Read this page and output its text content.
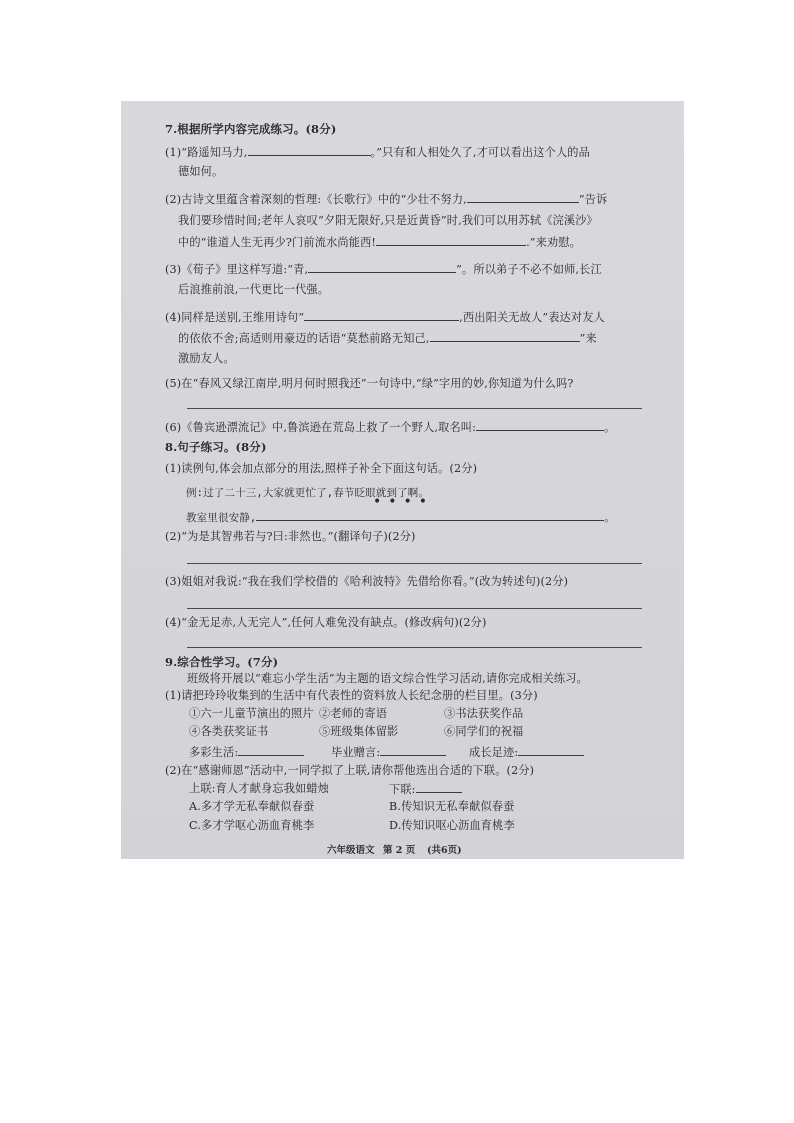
7.根据所学内容完成练习。(8分)
(1)“路遥知马力,	。”只有和人相处久了,才可以看出这个人的品
德如何。
(2)古诗文里蕴含着深刻的哲理:《长歌行》中的“少壮不努力,	”告诉
我们要珍惜时间;老年人哀叹“夕阳无限好,只是近黄昏”时,我们可以用苏轼《浣溪沙》
中的“谁道人生无再少?门前流水尚能西!	.”来劝慰。
(3)《荀子》里这样写道:“青,	”。所以弟子不必不如师,长江
后浪推前浪,一代更比一代强。
(4)同样是送别,王维用诗句“	,西出阳关无故人”表达对友人
的依依不舍;高适则用豪迈的话语“莫愁前路无知己,	”来
激励友人。
(5)在“春风又绿江南岸,明月何时照我还”一句诗中,“绿”字用的妙,你知道为什么吗?
(6)《鲁宾逊漂流记》中,鲁滨逊在荒岛上救了一个野人,取名叫:	。
8.句子练习。(8分)
(1)读例句,体会加点部分的用法,照样子补全下面这句话。(2分)
例:过了二十三,大家就更忙了,春节眨眼就到了啊。
••••
教室里很安静,	。
(2)“为是其智弗若与?曰:非然也。”(翻译句子)(2分)
(3)姐姐对我说:“我在我们学校借的《哈利波特》先借给你看。”(改为转述句)(2分)
(4)“金无足赤,人无完人”,任何人难免没有缺点。(修改病句)(2分)
9.综合性学习。(7分)
班级将开展以“难忘小学生活”为主题的语文综合性学习活动,请你完成相关练习。
(1)请把玲玲收集到的生活中有代表性的资料放人长纪念册的栏目里。(3分)
①六一儿童节演出的照片 ②老师的寄语	③书法获奖作品
④各类获奖证书	⑤班级集体留影	⑥同学们的祝福
多彩生活:	毕业赠言:	成长足迹:
(2)在“感谢师恩”活动中,一同学拟了上联,请你帮他选出合适的下联。(2分)
上联:育人才献身忘我如蜡烛	下联:
A.多才学无私奉献似春蚕	B.传知识无私奉献似春蚕
C.多才学呕心沥血育桃李	D.传知识呕心沥血育桃李
六年级语文 第 2 页 (共6页)
